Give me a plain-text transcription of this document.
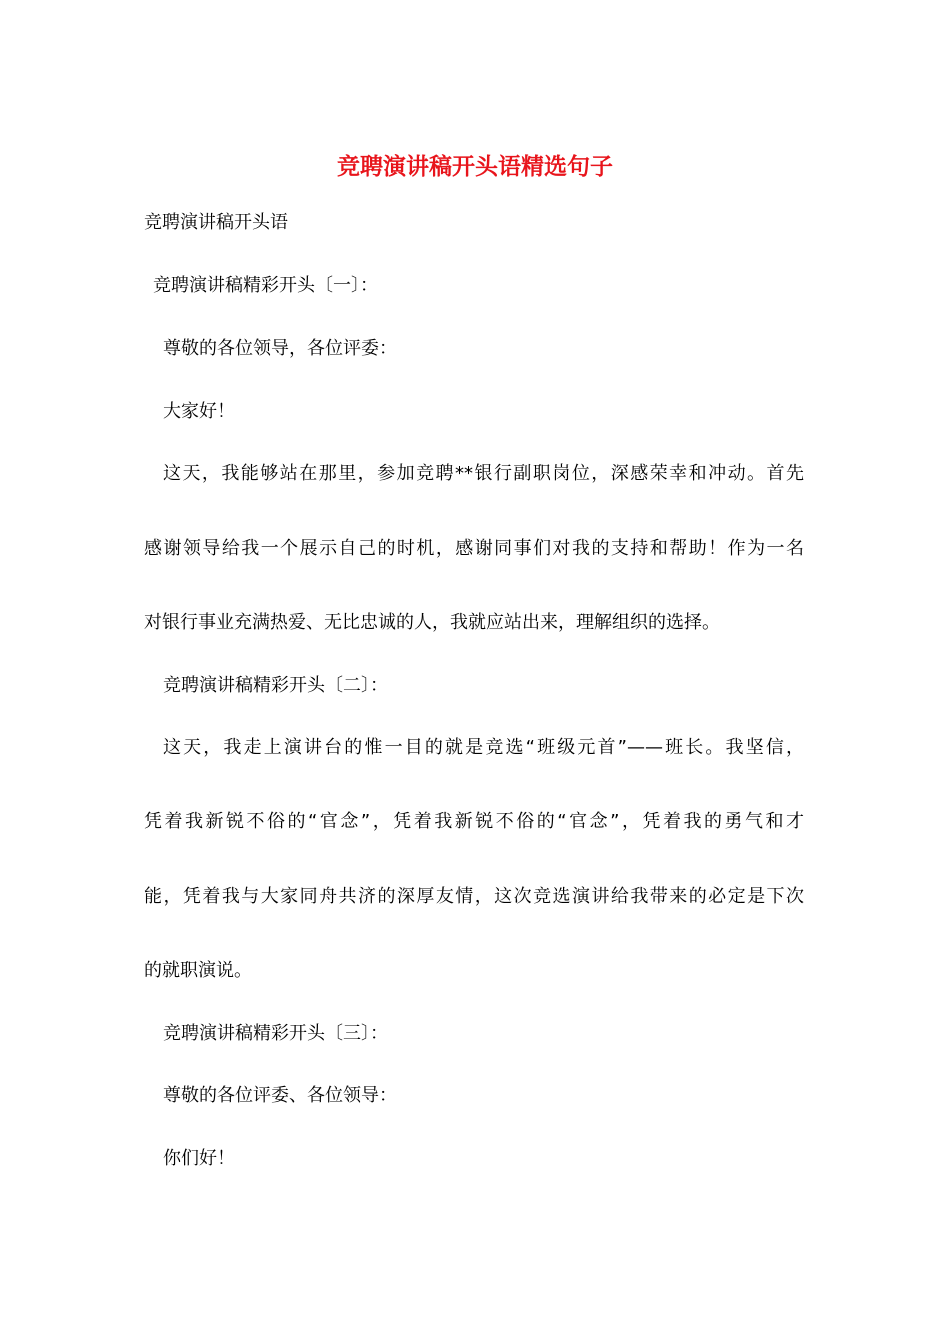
竞聘演讲稿开头语精选句子
竞聘演讲稿开头语
竞聘演讲稿精彩开头〔一〕：
尊敬的各位领导，各位评委：
大家好！
这天，我能够站在那里，参加竞聘**银行副职岗位，深感荣幸和冲动。首先
感谢领导给我一个展示自己的时机，感谢同事们对我的支持和帮助！作为一名
对银行事业充满热爱、无比忠诚的人，我就应站出来，理解组织的选择。
竞聘演讲稿精彩开头〔二〕：
这天，我走上演讲台的惟一目的就是竞选“班级元首”——班长。我坚信，
凭着我新锐不俗的“官念”，凭着我新锐不俗的“官念”，凭着我的勇气和才
能，凭着我与大家同舟共济的深厚友情，这次竞选演讲给我带来的必定是下次
的就职演说。
竞聘演讲稿精彩开头〔三〕：
尊敬的各位评委、各位领导：
你们好！
